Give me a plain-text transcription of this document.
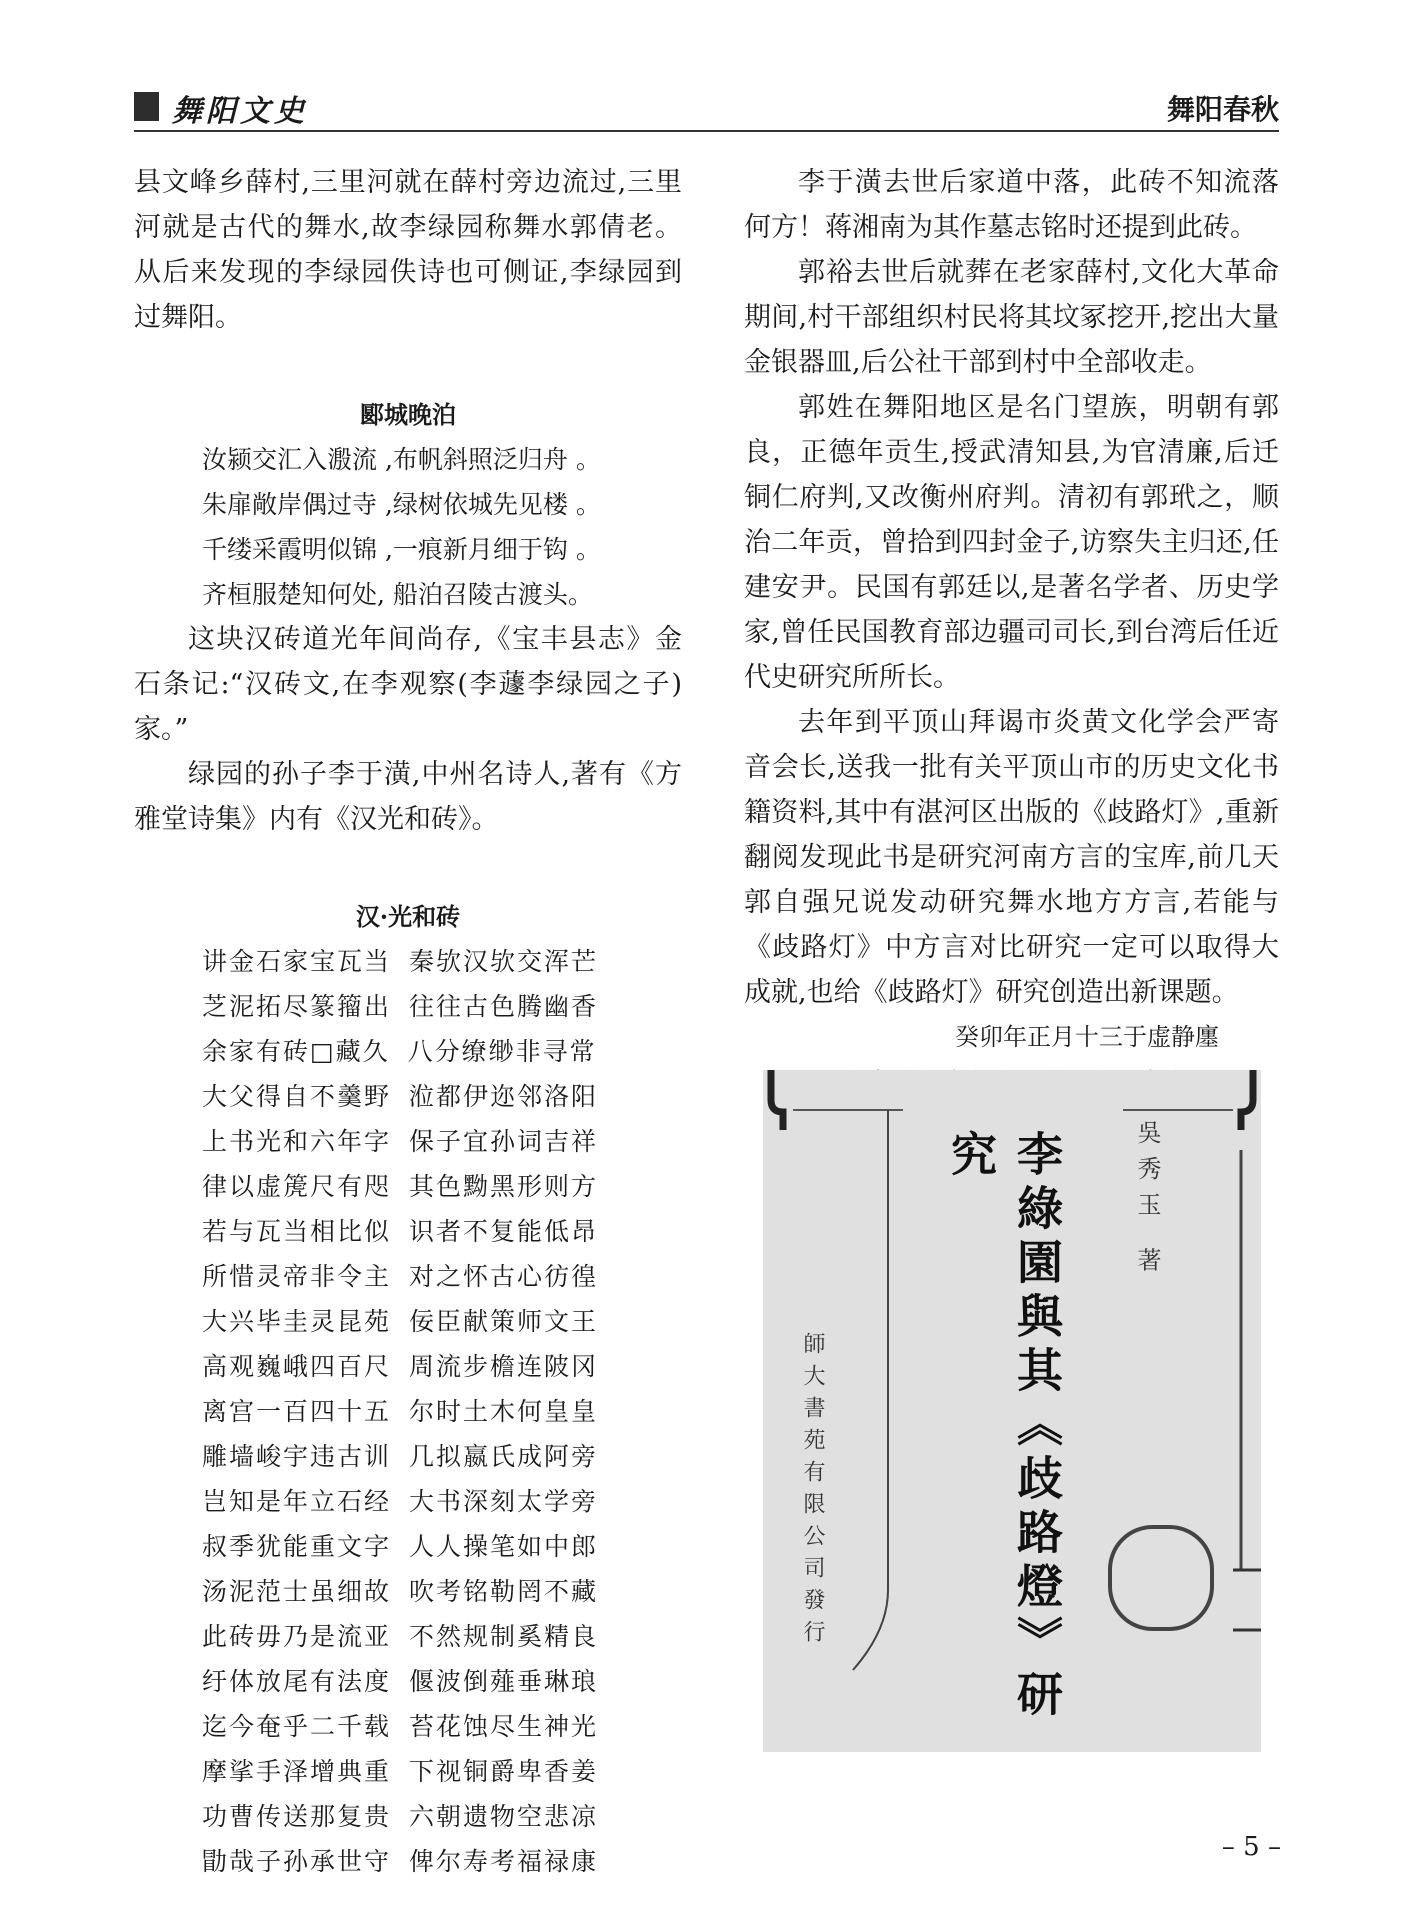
舞阳文史	舞阳春秋

县文峰乡薛村,三里河就在薛村旁边流过,三里河就是古代的舞水,故李绿园称舞水郭倩老。从后来发现的李绿园佚诗也可侧证,李绿园到过舞阳。

郾城晚泊

汝颍交汇入溵流 ,布帆斜照泛归舟 。

朱扉敞岸偶过寺 ,绿树依城先见楼 。

千缕采霞明似锦 ,一痕新月细于钩 。

齐桓服楚知何处, 船泊召陵古渡头。

这块汉砖道光年间尚存,《宝丰县志》金石条记:“汉砖文,在李观察(李蘧李绿园之子)家。”

绿园的孙子李于潢,中州名诗人,著有《方雅堂诗集》内有《汉光和砖》。

汉·光和砖

讲金石家宝瓦当 秦欤汉欤交浑芒

芝泥拓尽篆籀出 往往古色腾幽香

余家有砖□藏久 八分缭缈非寻常

大父得自不羹野 涖都伊迩邻洛阳

上书光和六年字 保子宜孙词吉祥

律以虚箎尺有咫 其色黝黑形则方

若与瓦当相比似 识者不复能低昂

所惜灵帝非令主 对之怀古心彷徨

大兴毕圭灵昆苑 佞臣献策师文王

高观巍峨四百尺 周流步檐连陂冈

离宫一百四十五 尔时土木何皇皇

雕墙峻宇违古训 几拟嬴氏成阿旁

岂知是年立石经 大书深刻太学旁

叔季犹能重文字 人人操笔如中郎

汤泥范士虽细故 吹考铭勒罔不藏

此砖毋乃是流亚 不然规制奚精良

纡体放尾有法度 偃波倒薤垂琳琅

迄今奄乎二千载 苔花蚀尽生神光

摩挲手泽增典重 下视铜爵卑香姜

功曹传送那复贵 六朝遗物空悲凉

勖哉子孙承世守 俾尔寿考福禄康

李于潢去世后家道中落，此砖不知流落何方！蒋湘南为其作墓志铭时还提到此砖。

郭裕去世后就葬在老家薛村,文化大革命期间,村干部组织村民将其坟冢挖开,挖出大量金银器皿,后公社干部到村中全部收走。

郭姓在舞阳地区是名门望族，明朝有郭良，正德年贡生,授武清知县,为官清廉,后迁铜仁府判,又改衡州府判。清初有郭玳之，顺治二年贡，曾拾到四封金子,访察失主归还,任建安尹。民国有郭廷以,是著名学者、历史学家,曾任民国教育部边疆司司长,到台湾后任近代史研究所所长。

去年到平顶山拜谒市炎黄文化学会严寄音会长,送我一批有关平顶山市的历史文化书籍资料,其中有湛河区出版的《歧路灯》,重新翻阅发现此书是研究河南方言的宝库,前几天郭自强兄说发动研究舞水地方方言,若能与《歧路灯》中方言对比研究一定可以取得大成就,也给《歧路灯》研究创造出新课题。

癸卯年正月十三于虚静廛

吳秀玉 著
李綠園與其《歧路燈》研究
師大書苑有限公司發行
– 5 –
